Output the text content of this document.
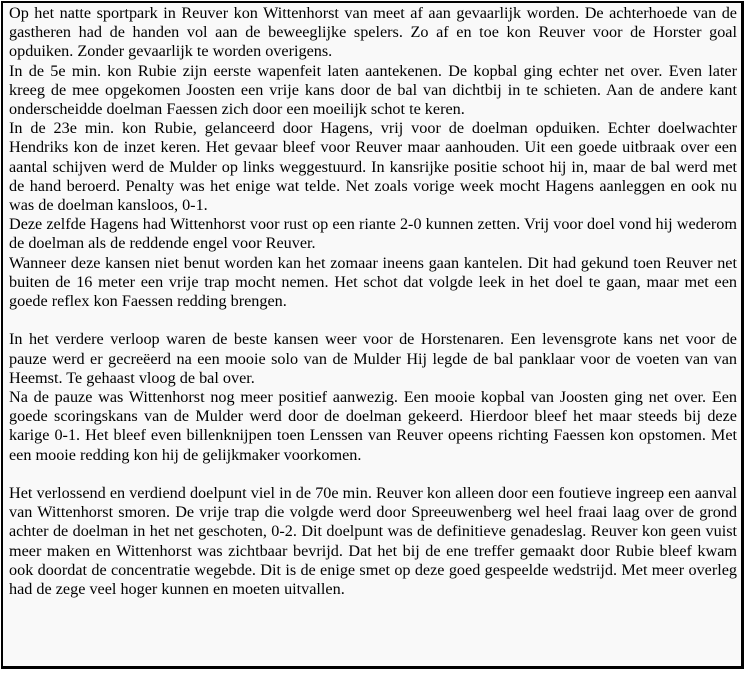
Op het natte sportpark in Reuver kon Wittenhorst van meet af aan gevaarlijk worden. De achterhoede van de gastheren had de handen vol aan de beweeglijke spelers. Zo af en toe kon Reuver voor de Horster goal opduiken. Zonder gevaarlijk te worden overigens.

In de 5e min. kon Rubie zijn eerste wapenfeit laten aantekenen. De kopbal ging echter net over. Even later kreeg de mee opgekomen Joosten een vrije kans door de bal van dichtbij in te schieten. Aan de andere kant onderscheidde doelman Faessen zich door een moeilijk schot te keren.

In de 23e min. kon Rubie, gelanceerd door Hagens, vrij voor de doelman opduiken. Echter doelwachter Hendriks kon de inzet keren. Het gevaar bleef voor Reuver maar aanhouden. Uit een goede uitbraak over een aantal schijven werd de Mulder op links weggestuurd. In kansrijke positie schoot hij in, maar de bal werd met de hand beroerd. Penalty was het enige wat telde. Net zoals vorige week mocht Hagens aanleggen en ook nu was de doelman kansloos, 0-1.

Deze zelfde Hagens had Wittenhorst voor rust op een riante 2-0 kunnen zetten. Vrij voor doel vond hij wederom de doelman als de reddende engel voor Reuver.

Wanneer deze kansen niet benut worden kan het zomaar ineens gaan kantelen. Dit had gekund toen Reuver net buiten de 16 meter een vrije trap mocht nemen. Het schot dat volgde leek in het doel te gaan, maar met een goede reflex kon Faessen redding brengen.

In het verdere verloop waren de beste kansen weer voor de Horstenaren. Een levensgrote kans net voor de pauze werd er gecreëerd na een mooie solo van de Mulder Hij legde de bal panklaar voor de voeten van van Heemst. Te gehaast vloog de bal over.

Na de pauze was Wittenhorst nog meer positief aanwezig. Een mooie kopbal van Joosten ging net over. Een goede scoringskans van de Mulder werd door de doelman gekeerd. Hierdoor bleef het maar steeds bij deze karige 0-1. Het bleef even billenknijpen toen Lenssen van Reuver opeens richting Faessen kon opstomen. Met een mooie redding kon hij de gelijkmaker voorkomen.

Het verlossend en verdiend doelpunt viel in de 70e min. Reuver kon alleen door een foutieve ingreep een aanval van Wittenhorst smoren. De vrije trap die volgde werd door Spreeuwenberg wel heel fraai laag over de grond achter de doelman in het net geschoten, 0-2. Dit doelpunt was de definitieve genadeslag. Reuver kon geen vuist meer maken en Wittenhorst was zichtbaar bevrijd. Dat het bij de ene treffer gemaakt door Rubie bleef kwam ook doordat de concentratie wegebde. Dit is de enige smet op deze goed gespeelde wedstrijd. Met meer overleg had de zege veel hoger kunnen en moeten uitvallen.
